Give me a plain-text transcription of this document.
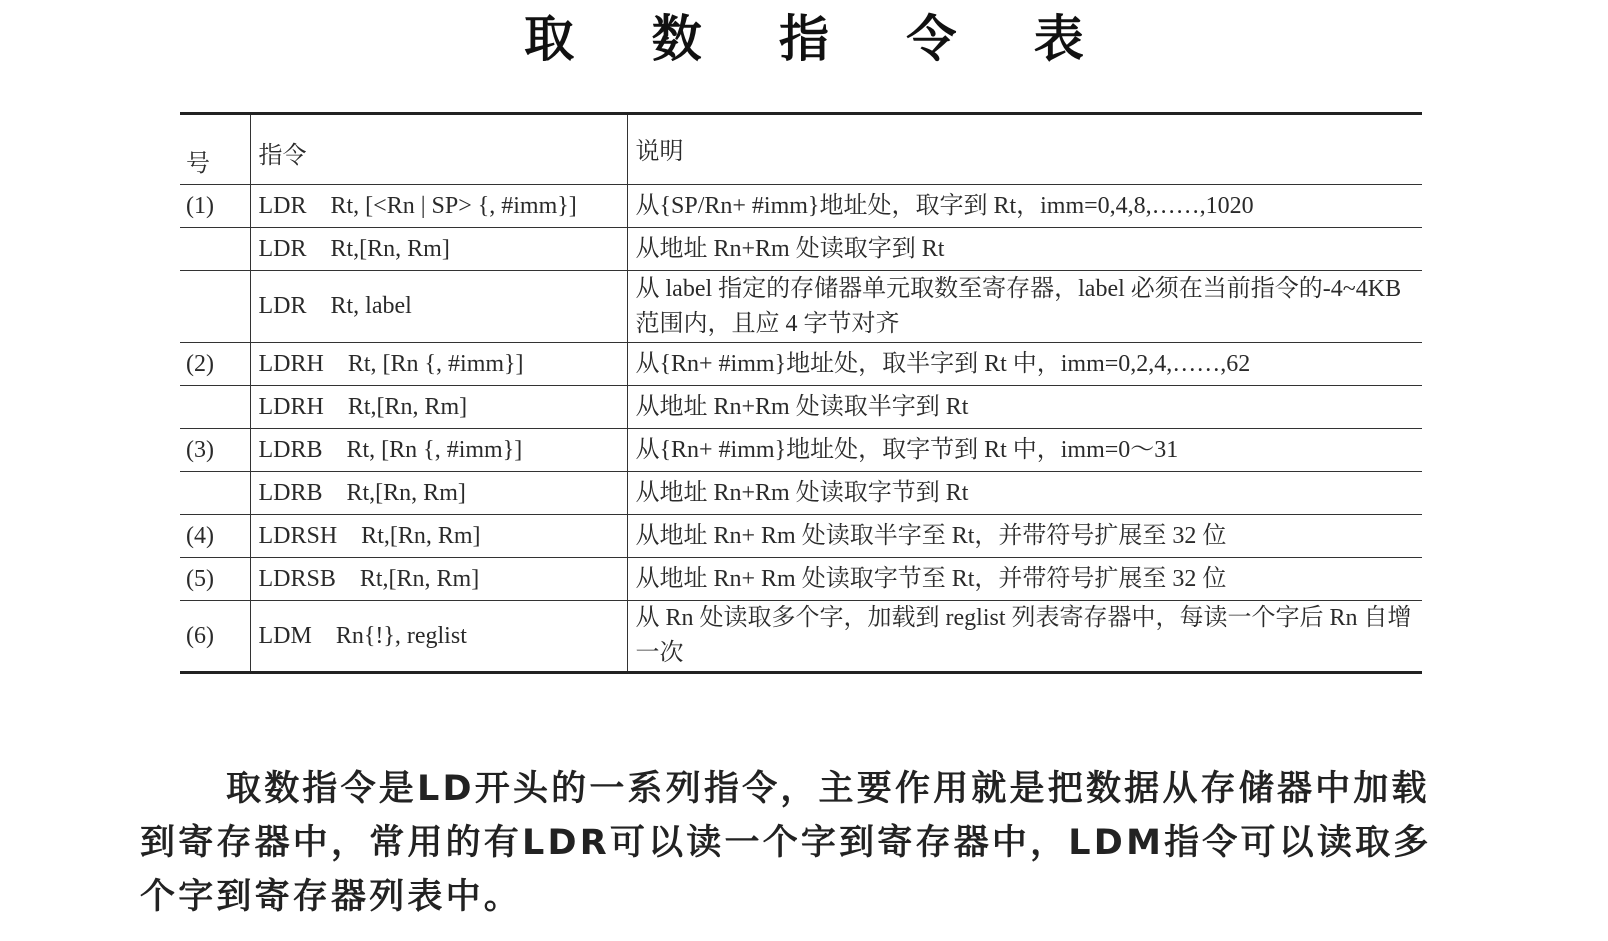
取 数 指 令 表
号	指令	说明
(1)	LDR    Rt, [<Rn | SP> {, #imm}]	从{SP/Rn+ #imm}地址处，取字到 Rt，imm=0,4,8,……,1020
	LDR    Rt,[Rn, Rm]	从地址 Rn+Rm 处读取字到 Rt
	LDR    Rt, label	从 label 指定的存储器单元取数至寄存器，label 必须在当前指令的-4~4KB 范围内，且应 4 字节对齐
(2)	LDRH    Rt, [Rn {, #imm}]	从{Rn+ #imm}地址处，取半字到 Rt 中，imm=0,2,4,……,62
	LDRH    Rt,[Rn, Rm]	从地址 Rn+Rm 处读取半字到 Rt
(3)	LDRB    Rt, [Rn {, #imm}]	从{Rn+ #imm}地址处，取字节到 Rt 中，imm=0～31
	LDRB    Rt,[Rn, Rm]	从地址 Rn+Rm 处读取字节到 Rt
(4)	LDRSH    Rt,[Rn, Rm]	从地址 Rn+ Rm 处读取半字至 Rt，并带符号扩展至 32 位
(5)	LDRSB    Rt,[Rn, Rm]	从地址 Rn+ Rm 处读取字节至 Rt，并带符号扩展至 32 位
(6)	LDM    Rn{!}, reglist	从 Rn 处读取多个字，加载到 reglist 列表寄存器中，每读一个字后 Rn 自增一次

取数指令是LD开头的一系列指令，主要作用就是把数据从存储器中加载到寄存器中，常用的有LDR可以读一个字到寄存器中，LDM指令可以读取多个字到寄存器列表中。
